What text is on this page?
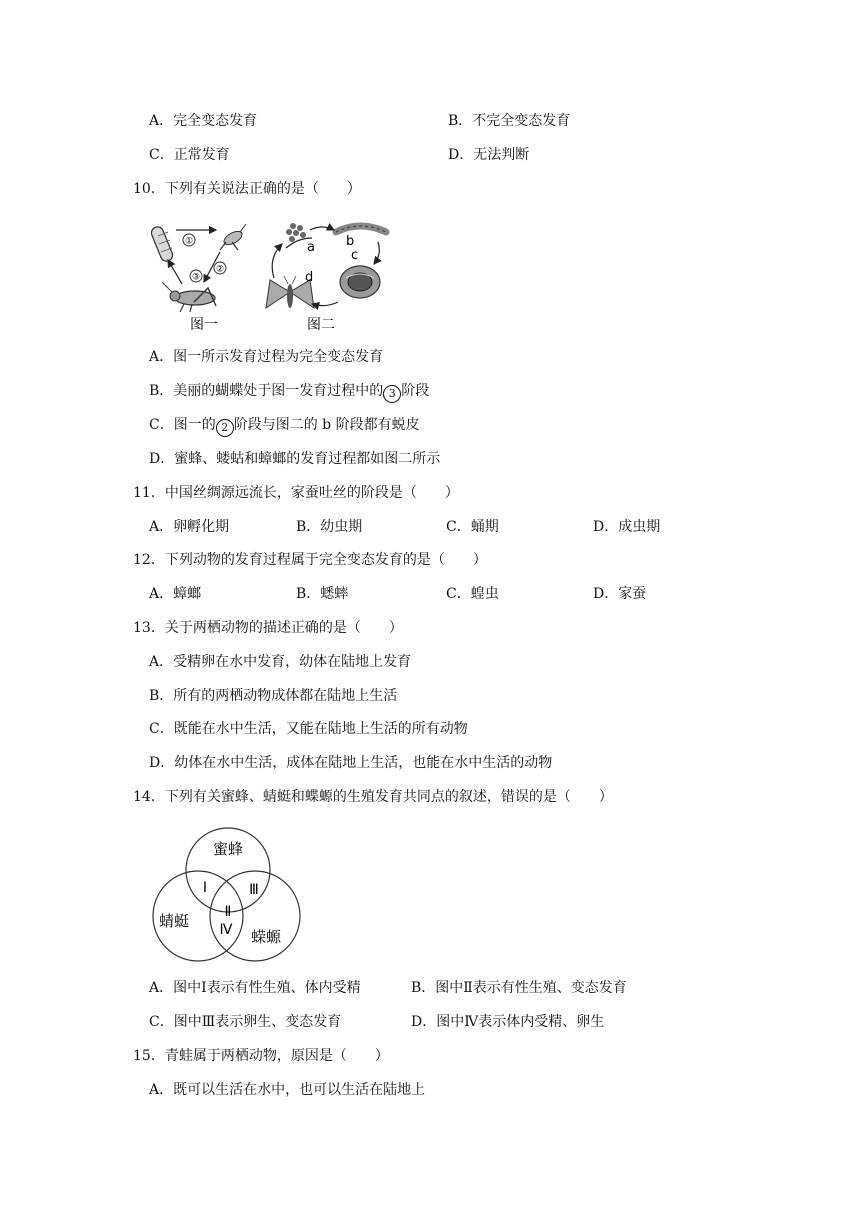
A．完全变态发育	B．不完全变态发育
C．正常发育	D．无法判断
10．下列有关说法正确的是（　　）
①
②
③
图一
a b
c
d
图二
A．图一所示发育过程为完全变态发育
B．美丽的蝴蝶处于图一发育过程中的 3 阶段
C．图一的 2 阶段与图二的 b 阶段都有蜕皮
D．蜜蜂、蝼蛄和蟑螂的发育过程都如图二所示
11．中国丝绸源远流长，家蚕吐丝的阶段是（　　）
A．卵孵化期	B．幼虫期	C．蛹期	D．成虫期
12．下列动物的发育过程属于完全变态发育的是（　　）
A．蟑螂	B．蟋蟀	C．蝗虫	D．家蚕
13．关于两栖动物的描述正确的是（　　）
A．受精卵在水中发育，幼体在陆地上发育
B．所有的两栖动物成体都在陆地上生活
C．既能在水中生活，又能在陆地上生活的所有动物
D．幼体在水中生活，成体在陆地上生活，也能在水中生活的动物
14．下列有关蜜蜂、蜻蜓和蝶螈的生殖发育共同点的叙述，错误的是（　　）
蜜蜂
蜻蜓
蝾螈
Ⅰ
Ⅱ
Ⅲ
Ⅳ
A．图中Ⅰ表示有性生殖、体内受精	B．图中Ⅱ表示有性生殖、变态发育
C．图中Ⅲ表示卵生、变态发育	D．图中Ⅳ表示体内受精、卵生
15．青蛙属于两栖动物，原因是（　　）
A．既可以生活在水中，也可以生活在陆地上
